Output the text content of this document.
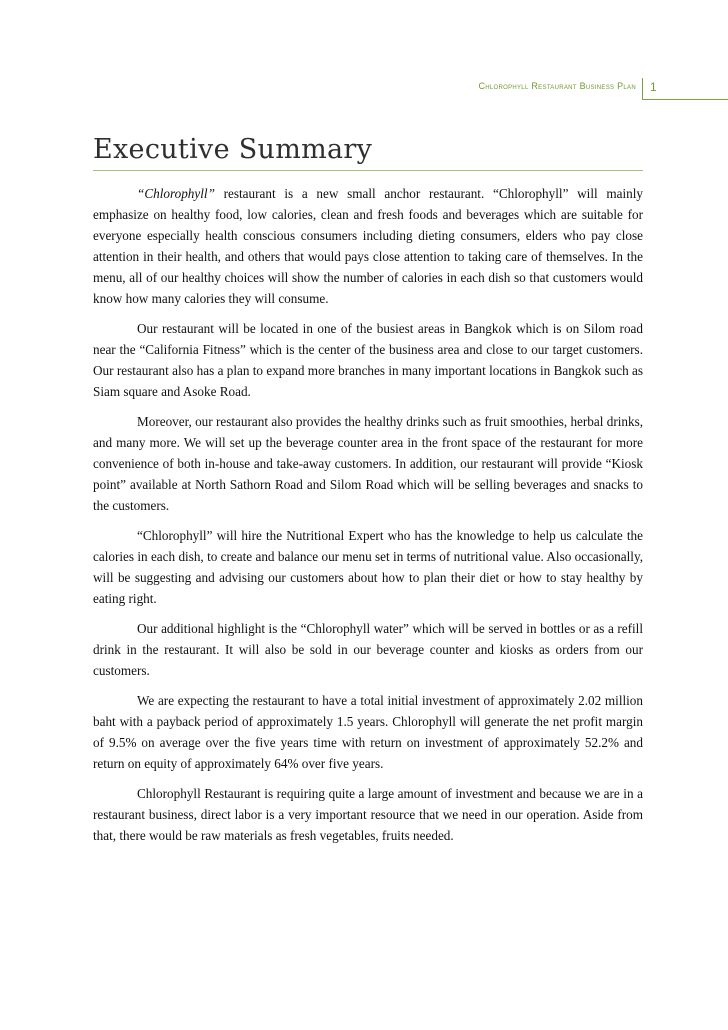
Chlorophyll Restaurant Business Plan 1
Executive Summary

“Chlorophyll” restaurant is a new small anchor restaurant. “Chlorophyll” will mainly emphasize on healthy food, low calories, clean and fresh foods and beverages which are suitable for everyone especially health conscious consumers including dieting consumers, elders who pay close attention in their health, and others that would pays close attention to taking care of themselves. In the menu, all of our healthy choices will show the number of calories in each dish so that customers would know how many calories they will consume.

Our restaurant will be located in one of the busiest areas in Bangkok which is on Silom road near the “California Fitness” which is the center of the business area and close to our target customers. Our restaurant also has a plan to expand more branches in many important locations in Bangkok such as Siam square and Asoke Road.

Moreover, our restaurant also provides the healthy drinks such as fruit smoothies, herbal drinks, and many more. We will set up the beverage counter area in the front space of the restaurant for more convenience of both in-house and take-away customers. In addition, our restaurant will provide “Kiosk point” available at North Sathorn Road and Silom Road which will be selling beverages and snacks to the customers.

“Chlorophyll” will hire the Nutritional Expert who has the knowledge to help us calculate the calories in each dish, to create and balance our menu set in terms of nutritional value. Also occasionally, will be suggesting and advising our customers about how to plan their diet or how to stay healthy by eating right.

Our additional highlight is the “Chlorophyll water” which will be served in bottles or as a refill drink in the restaurant. It will also be sold in our beverage counter and kiosks as orders from our customers.

We are expecting the restaurant to have a total initial investment of approximately 2.02 million baht with a payback period of approximately 1.5 years. Chlorophyll will generate the net profit margin of 9.5% on average over the five years time with return on investment of approximately 52.2% and return on equity of approximately 64% over five years.

Chlorophyll Restaurant is requiring quite a large amount of investment and because we are in a restaurant business, direct labor is a very important resource that we need in our operation. Aside from that, there would be raw materials as fresh vegetables, fruits needed.
